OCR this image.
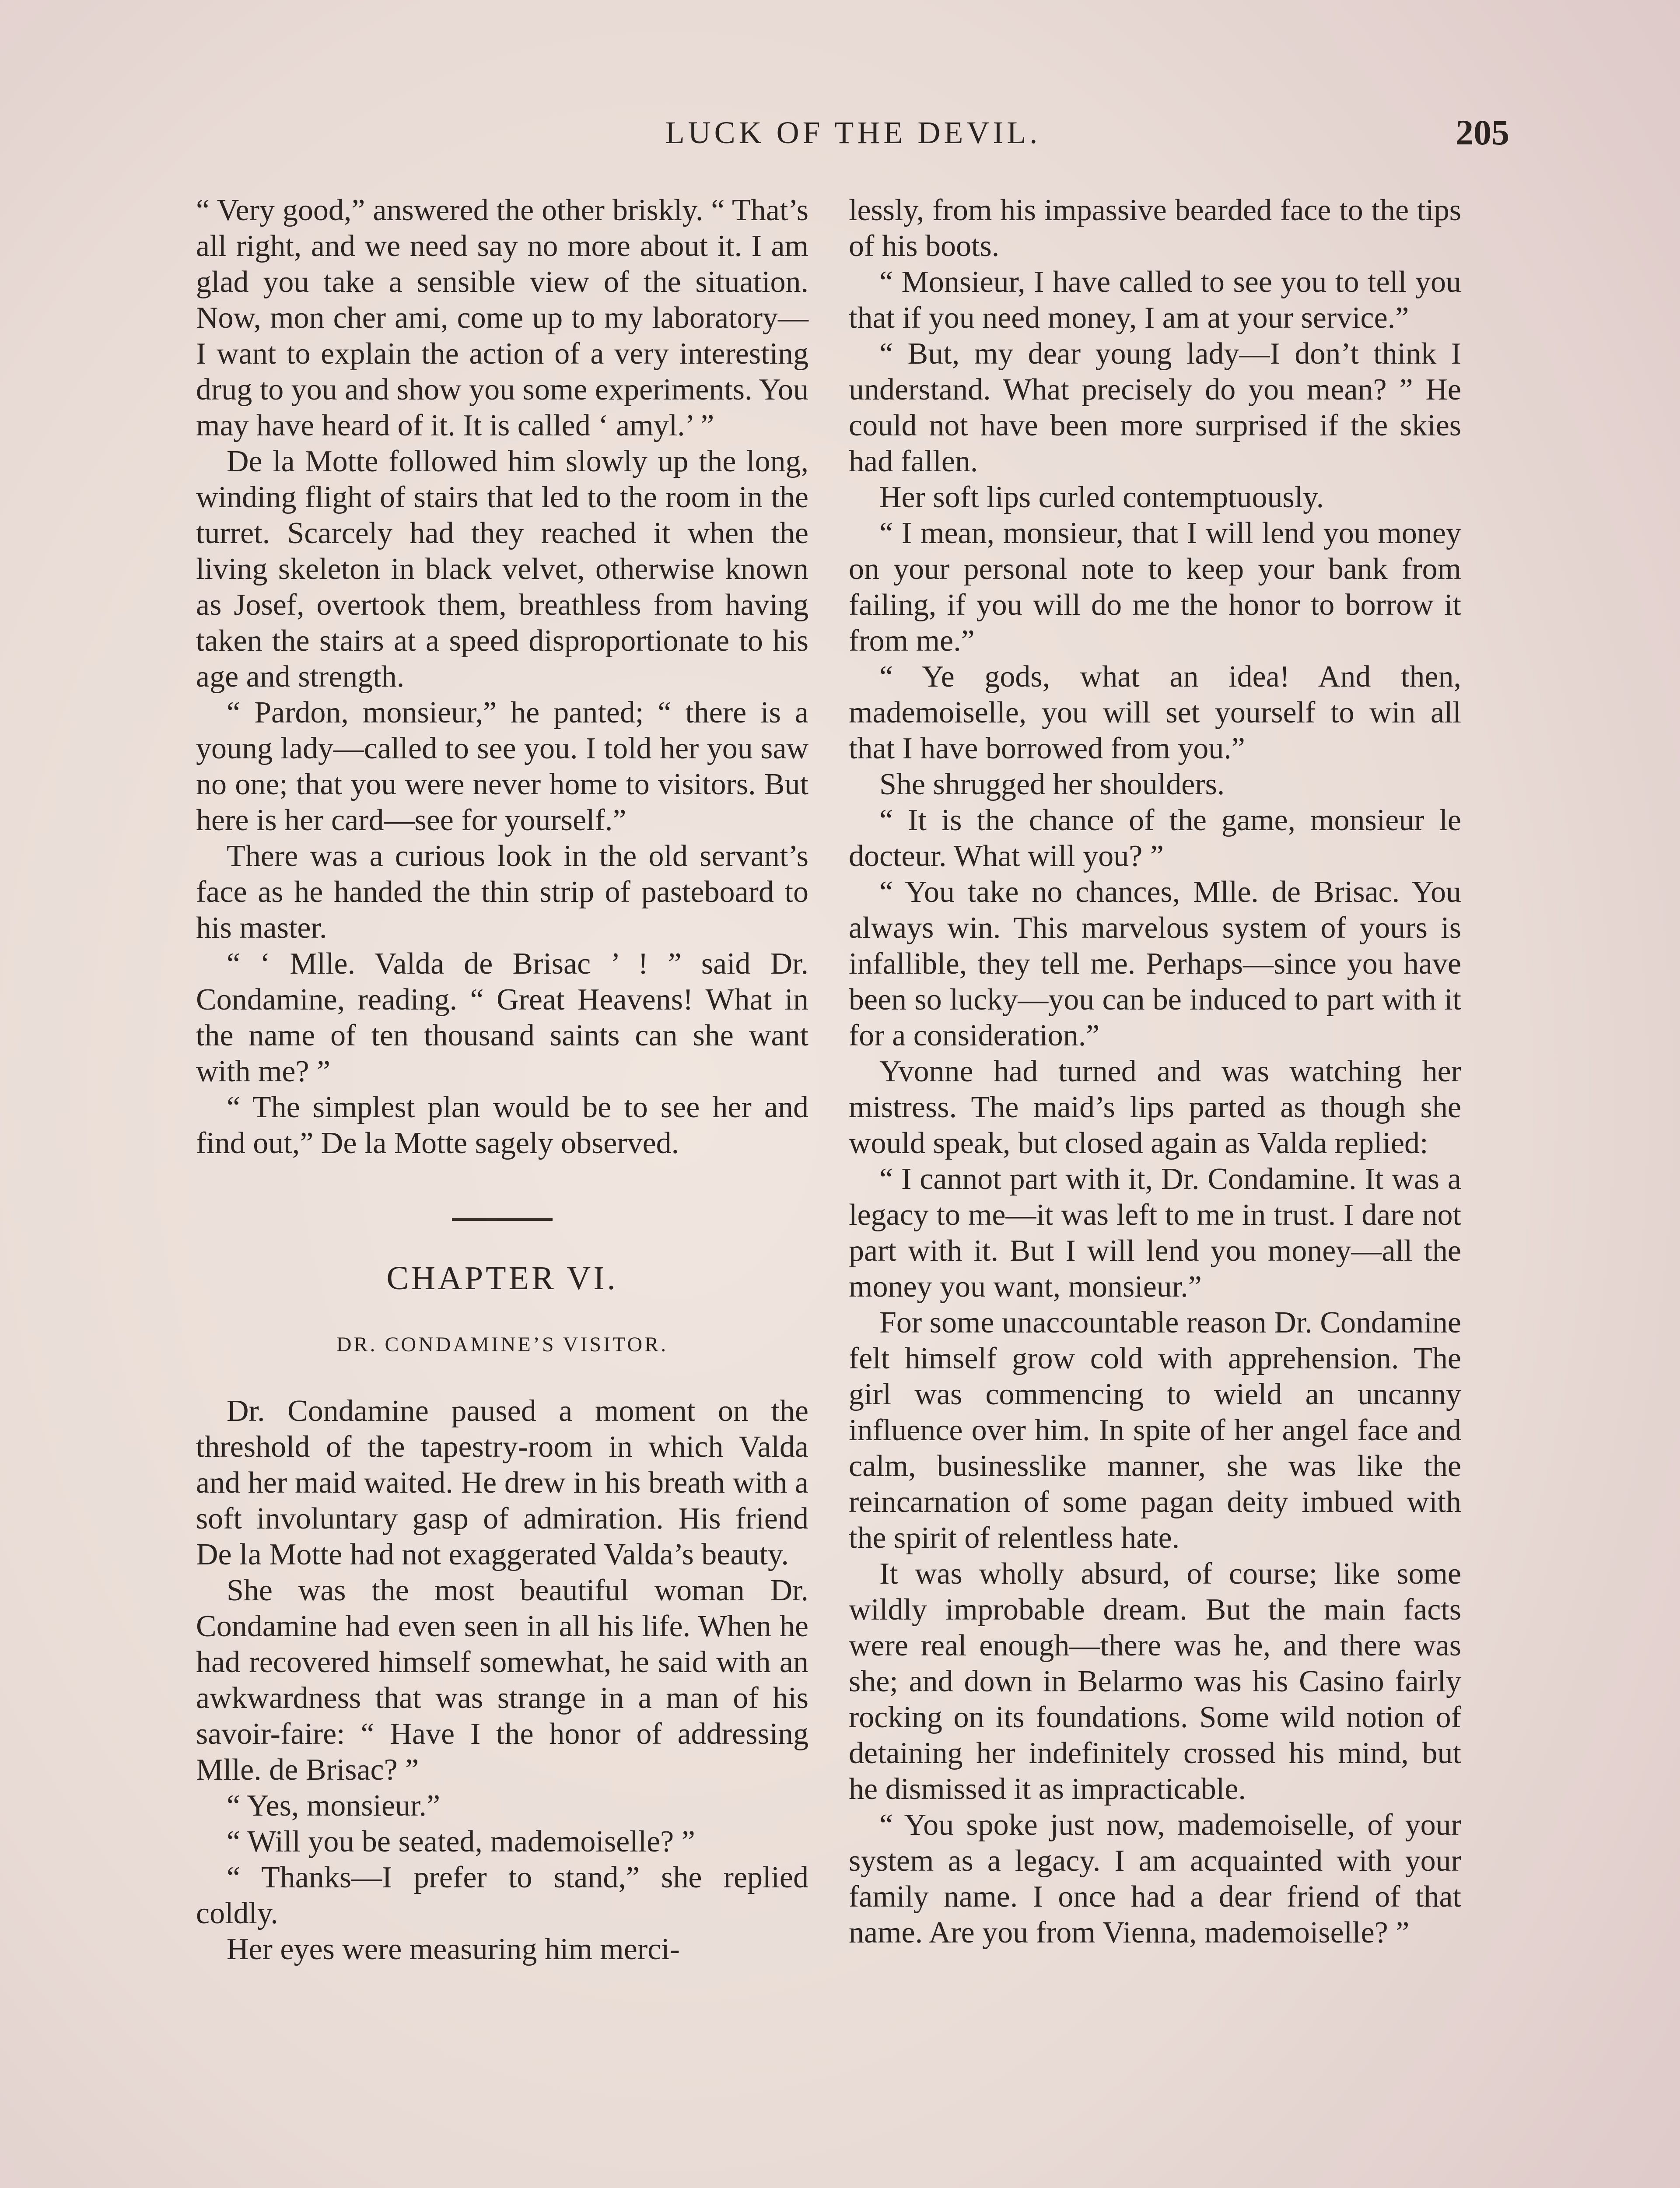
LUCK OF THE DEVIL.	205

“ Very good,” answered the other briskly. “ That’s all right, and we need say no more about it. I am glad you take a sensible view of the situation. Now, mon cher ami, come up to my laboratory—I want to explain the action of a very interesting drug to you and show you some experiments. You may have heard of it. It is called ‘ amyl.’ ”

De la Motte followed him slowly up the long, winding flight of stairs that led to the room in the turret. Scarcely had they reached it when the living skeleton in black velvet, otherwise known as Josef, overtook them, breathless from having taken the stairs at a speed disproportionate to his age and strength.

“ Pardon, monsieur,” he panted; “ there is a young lady—called to see you. I told her you saw no one; that you were never home to visitors. But here is her card—see for yourself.”

There was a curious look in the old servant’s face as he handed the thin strip of pasteboard to his master.

“ ‘ Mlle. Valda de Brisac ’ ! ” said Dr. Condamine, reading. “ Great Heavens! What in the name of ten thousand saints can she want with me? ”

“ The simplest plan would be to see her and find out,” De la Motte sagely observed.

CHAPTER VI.
DR. CONDAMINE’S VISITOR.

Dr. Condamine paused a moment on the threshold of the tapestry-room in which Valda and her maid waited. He drew in his breath with a soft involuntary gasp of admiration. His friend De la Motte had not exaggerated Valda’s beauty.

She was the most beautiful woman Dr. Condamine had even seen in all his life. When he had recovered himself somewhat, he said with an awkwardness that was strange in a man of his savoir-faire: “ Have I the honor of addressing Mlle. de Brisac? ”

“ Yes, monsieur.”

“ Will you be seated, mademoiselle? ”

“ Thanks—I prefer to stand,” she replied coldly.

Her eyes were measuring him merci-

lessly, from his impassive bearded face to the tips of his boots.

“ Monsieur, I have called to see you to tell you that if you need money, I am at your service.”

“ But, my dear young lady—I don’t think I understand. What precisely do you mean? ” He could not have been more surprised if the skies had fallen.

Her soft lips curled contemptuously.

“ I mean, monsieur, that I will lend you money on your personal note to keep your bank from failing, if you will do me the honor to borrow it from me.”

“ Ye gods, what an idea! And then, mademoiselle, you will set yourself to win all that I have borrowed from you.”

She shrugged her shoulders.

“ It is the chance of the game, monsieur le docteur. What will you? ”

“ You take no chances, Mlle. de Brisac. You always win. This marvelous system of yours is infallible, they tell me. Perhaps—since you have been so lucky—you can be induced to part with it for a consideration.”

Yvonne had turned and was watching her mistress. The maid’s lips parted as though she would speak, but closed again as Valda replied:

“ I cannot part with it, Dr. Condamine. It was a legacy to me—it was left to me in trust. I dare not part with it. But I will lend you money—all the money you want, monsieur.”

For some unaccountable reason Dr. Condamine felt himself grow cold with apprehension. The girl was commencing to wield an uncanny influence over him. In spite of her angel face and calm, businesslike manner, she was like the reincarnation of some pagan deity imbued with the spirit of relentless hate.

It was wholly absurd, of course; like some wildly improbable dream. But the main facts were real enough—there was he, and there was she; and down in Belarmo was his Casino fairly rocking on its foundations. Some wild notion of detaining her indefinitely crossed his mind, but he dismissed it as impracticable.

“ You spoke just now, mademoiselle, of your system as a legacy. I am acquainted with your family name. I once had a dear friend of that name. Are you from Vienna, mademoiselle? ”
